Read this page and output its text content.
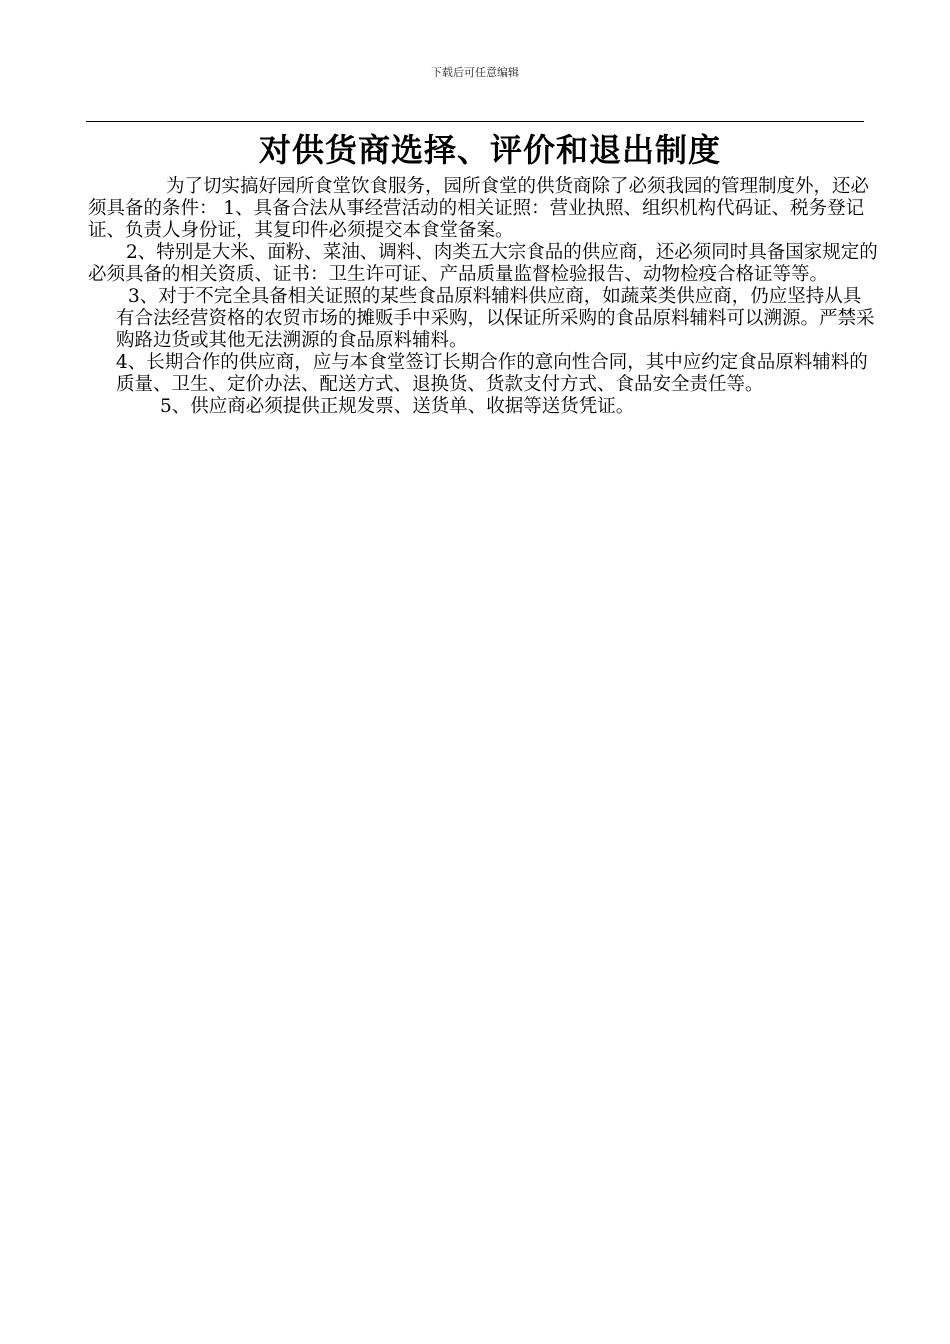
下载后可任意编辑
对供货商选择、评价和退出制度

为了切实搞好园所食堂饮食服务，园所食堂的供货商除了必须我园的管理制度外，还必须具备的条件： 1、具备合法从事经营活动的相关证照：营业执照、组织机构代码证、税务登记证、负责人身份证，其复印件必须提交本食堂备案。

2、特别是大米、面粉、菜油、调料、肉类五大宗食品的供应商，还必须同时具备国家规定的必须具备的相关资质、证书：卫生许可证、产品质量监督检验报告、动物检疫合格证等等。

3、对于不完全具备相关证照的某些食品原料辅料供应商，如蔬菜类供应商，仍应坚持从具有合法经营资格的农贸市场的摊贩手中采购，以保证所采购的食品原料辅料可以溯源。严禁采购路边货或其他无法溯源的食品原料辅料。

4、长期合作的供应商，应与本食堂签订长期合作的意向性合同，其中应约定食品原料辅料的质量、卫生、定价办法、配送方式、退换货、货款支付方式、食品安全责任等。

5、供应商必须提供正规发票、送货单、收据等送货凭证。
